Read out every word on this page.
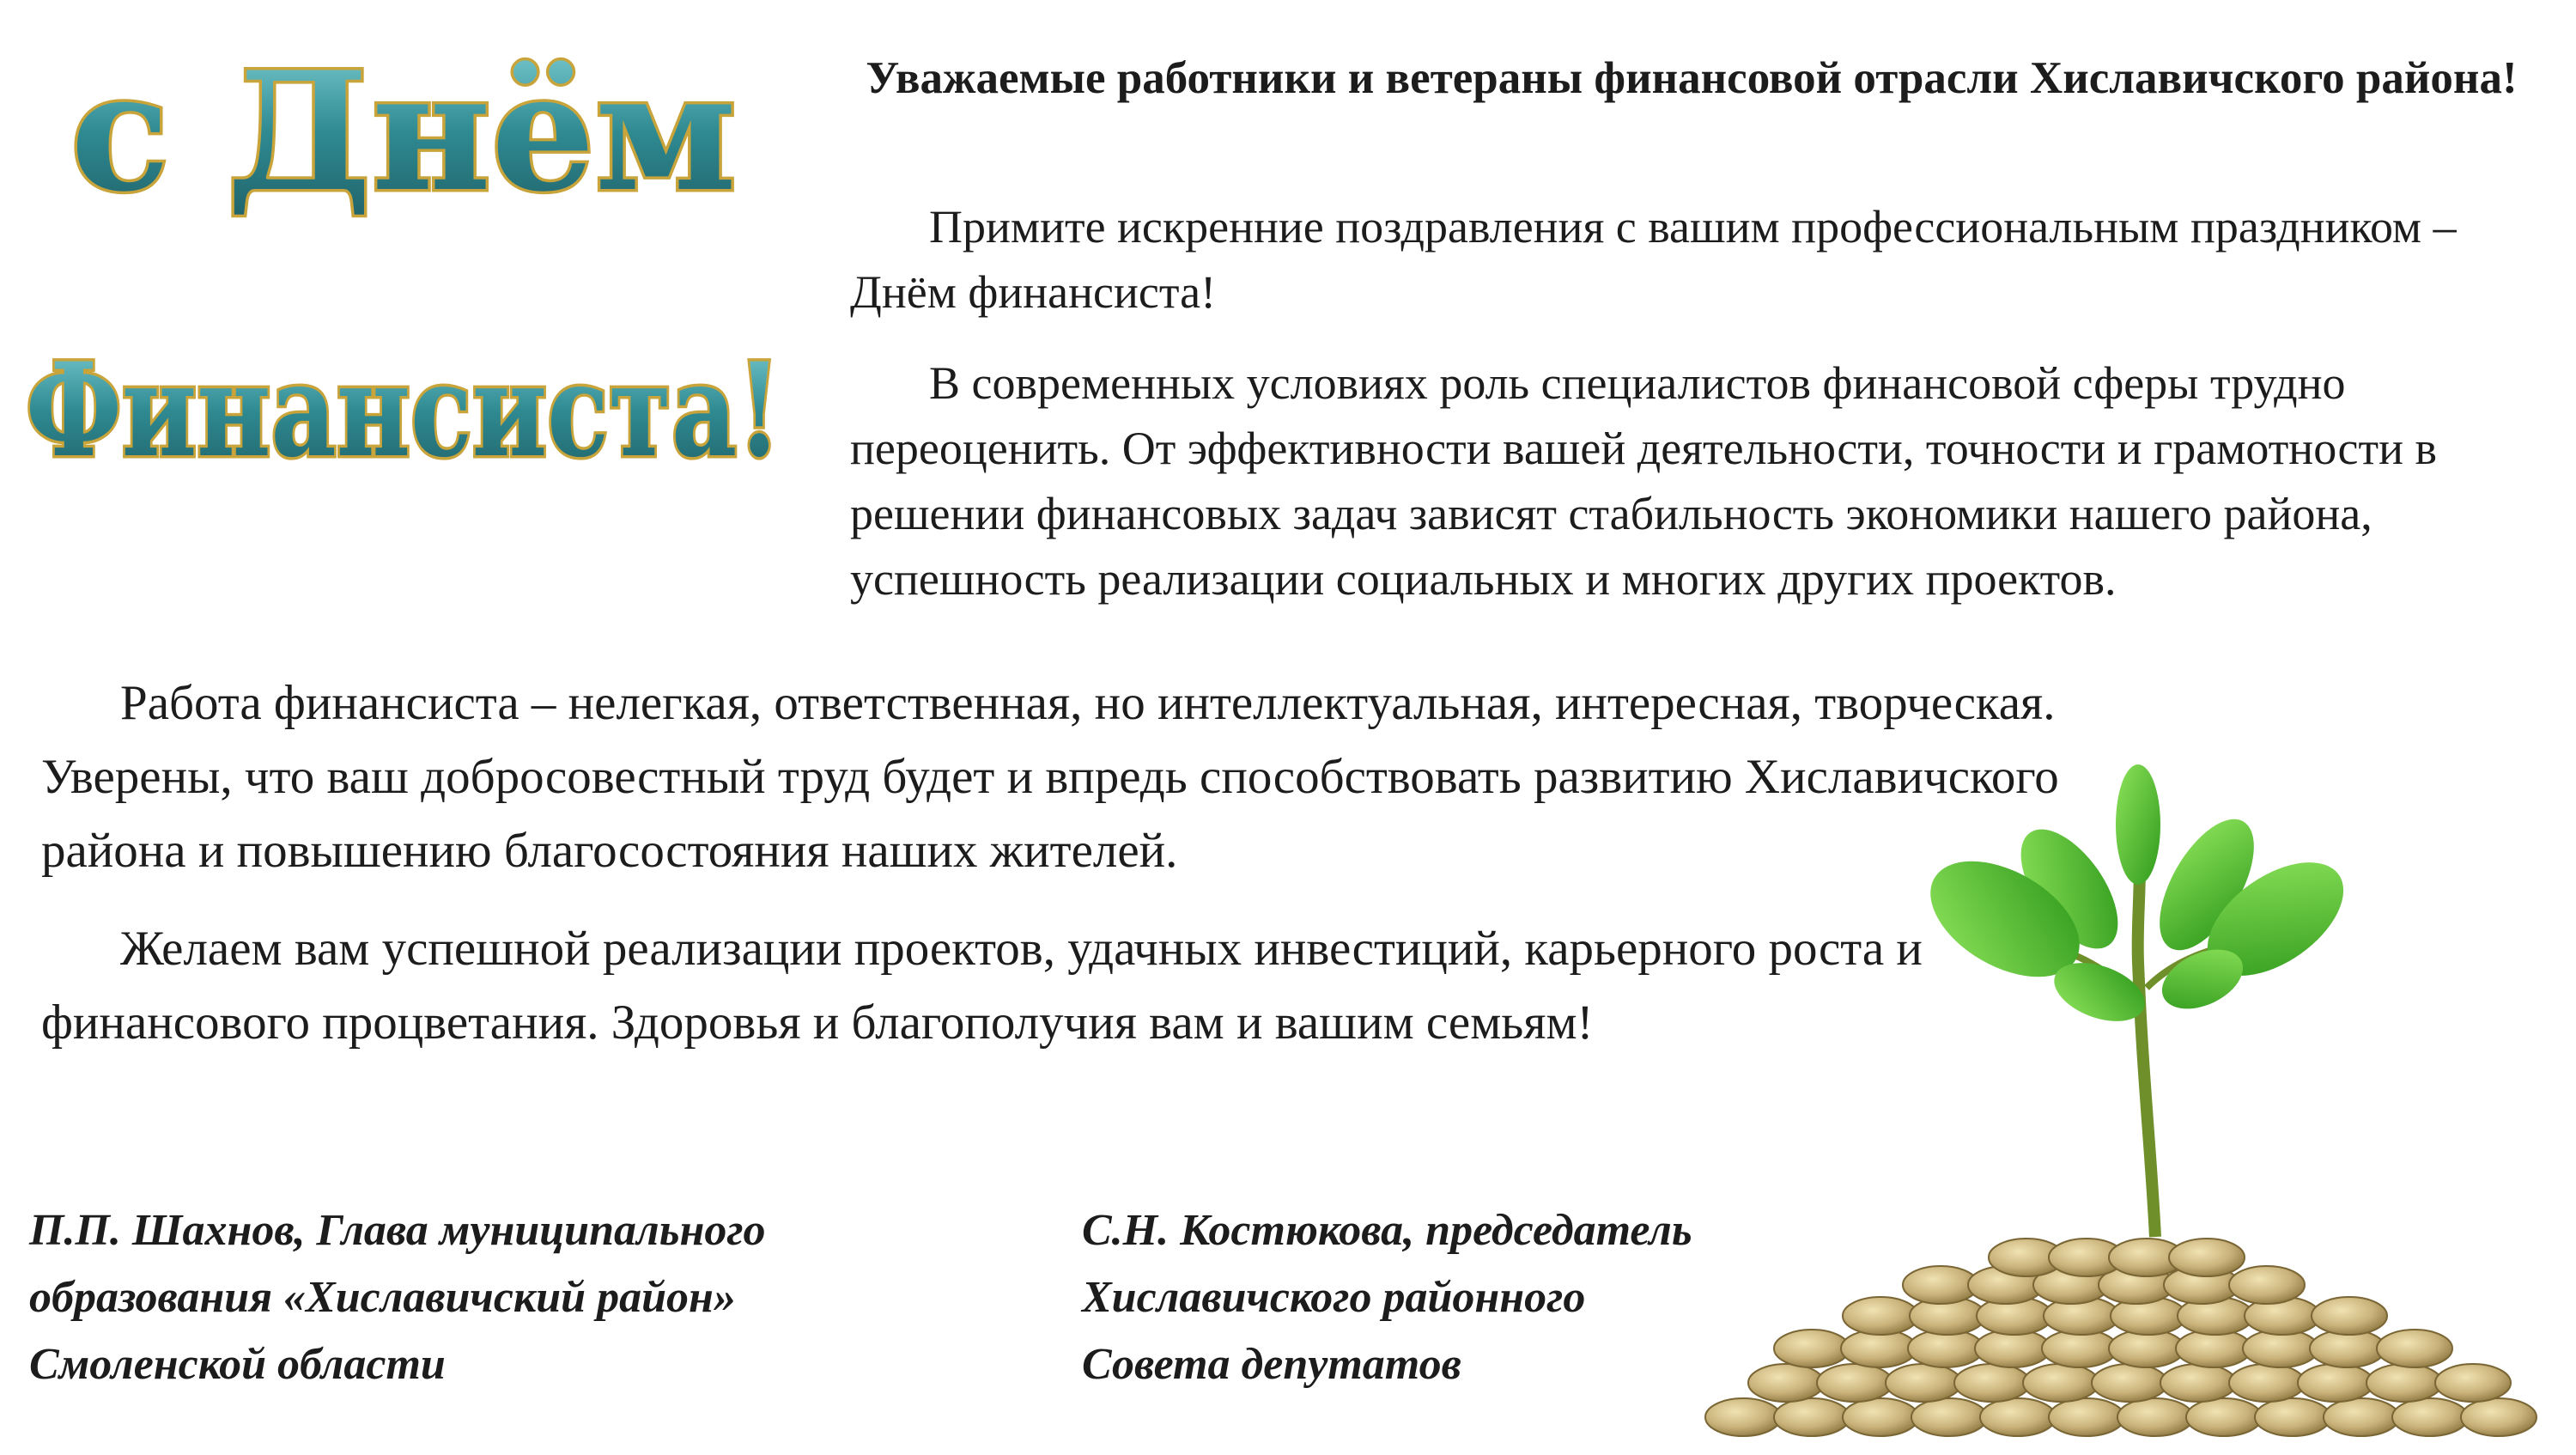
с Днём
Финансиста!
Уважаемые работники и ветераны финансовой отрасли Хиславичского района!

Примите искренние поздравления с вашим профессиональным праздником – Днём финансиста!

В современных условиях роль специалистов финансовой сферы трудно переоценить. От эффективности вашей деятельности, точности и грамотности в решении финансовых задач зависят стабильность экономики нашего района, успешность реализации социальных и многих других проектов.

Работа финансиста – нелегкая, ответственная, но интеллектуальная, интересная, творческая. Уверены, что ваш добросовестный труд будет и впредь способствовать развитию Хиславичского района и повышению благосостояния наших жителей.

Желаем вам успешной реализации проектов, удачных инвестиций, карьерного роста и финансового процветания. Здоровья и благополучия вам и вашим семьям!

П.П. Шахнов, Глава муниципального
образования «Хиславичский район»
Смоленской области
С.Н. Костюкова, председатель
Хиславичского районного
Совета депутатов
